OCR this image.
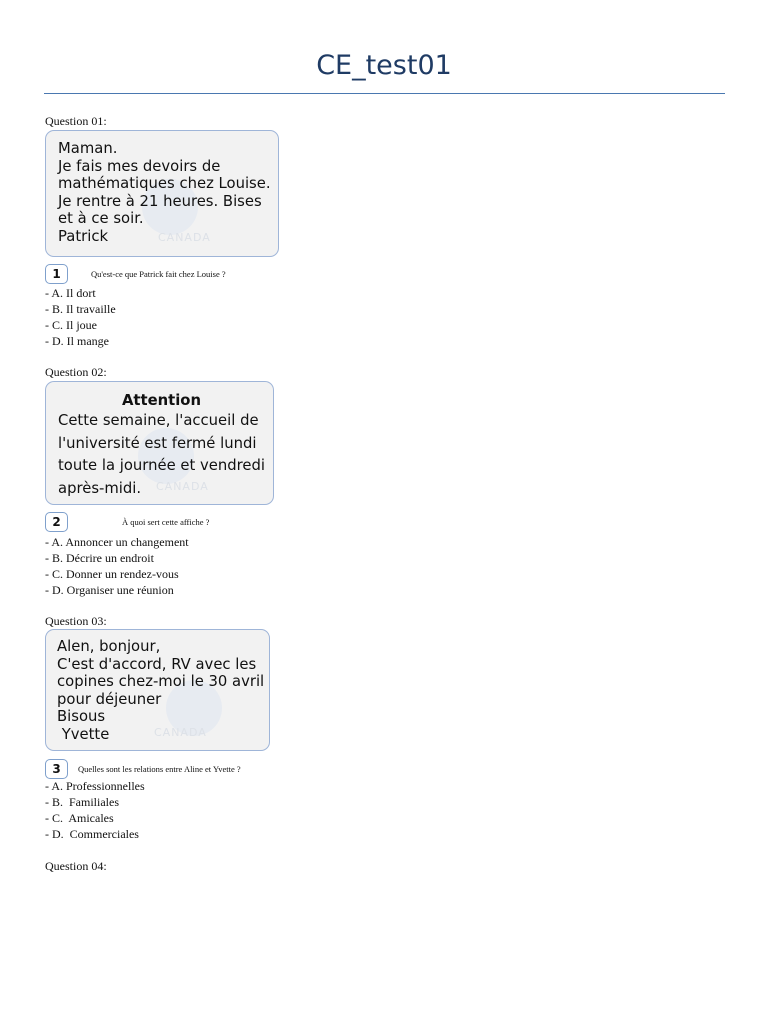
CE_test01
Question 01:
CANADA
Maman.
Je fais mes devoirs de
mathématiques chez Louise.
Je rentre à 21 heures. Bises
et à ce soir.
Patrick
1	Qu'est-ce que Patrick fait chez Louise ?
- A. Il dort
- B. Il travaille
- C. Il joue
- D. Il mange
Question 02:
CANADA
Attention
Cette semaine, l'accueil de
l'université est fermé lundi
toute la journée et vendredi
après-midi.
2	À quoi sert cette affiche ?
- A. Annoncer un changement
- B. Décrire un endroit
- C. Donner un rendez-vous
- D. Organiser une réunion
Question 03:
CANADA
Alen, bonjour,
C'est d'accord, RV avec les
copines chez-moi le 30 avril
pour déjeuner
Bisous
Yvette
3	Quelles sont les relations entre Aline et Yvette ?
- A. Professionnelles
- B.  Familiales
- C.  Amicales
- D.  Commerciales
Question 04:
